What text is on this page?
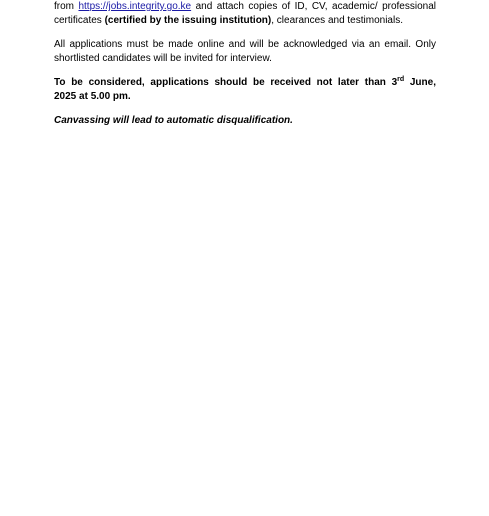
from https://jobs.integrity.go.ke and attach copies of ID, CV, academic/ professional
certificates (certified by the issuing institution), clearances and testimonials.

All applications must be made online and will be acknowledged via an email. Only
shortlisted candidates will be invited for interview.

To be considered, applications should be received not later than 3rd June,
2025 at 5.00 pm.

Canvassing will lead to automatic disqualification.
